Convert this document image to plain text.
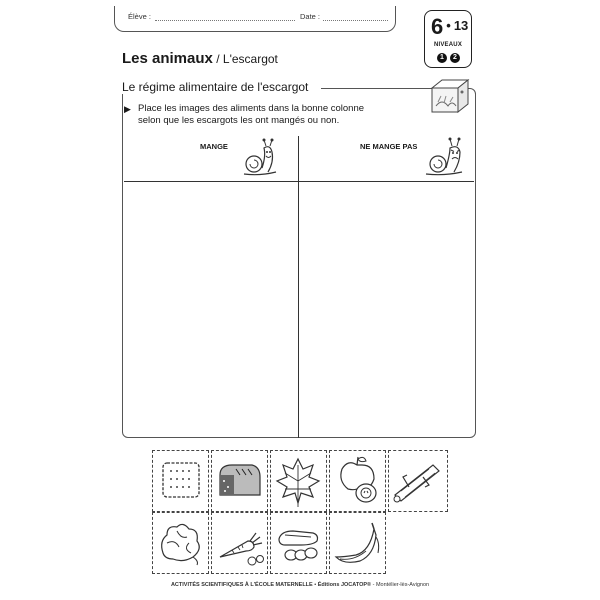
Élève :	Date :	6 • 13
NIVEAUX
1	2
Les animaux / L'escargot
Le régime alimentaire de l'escargot
▶ Place les images des aliments dans la bonne colonne
selon que les escargots les ont mangés ou non.
MANGE	NE MANGE PAS
ACTIVITÉS SCIENTIFIQUES À L'ÉCOLE MATERNELLE • Éditions JOCATOP® - Montélier-lès-Avignon
